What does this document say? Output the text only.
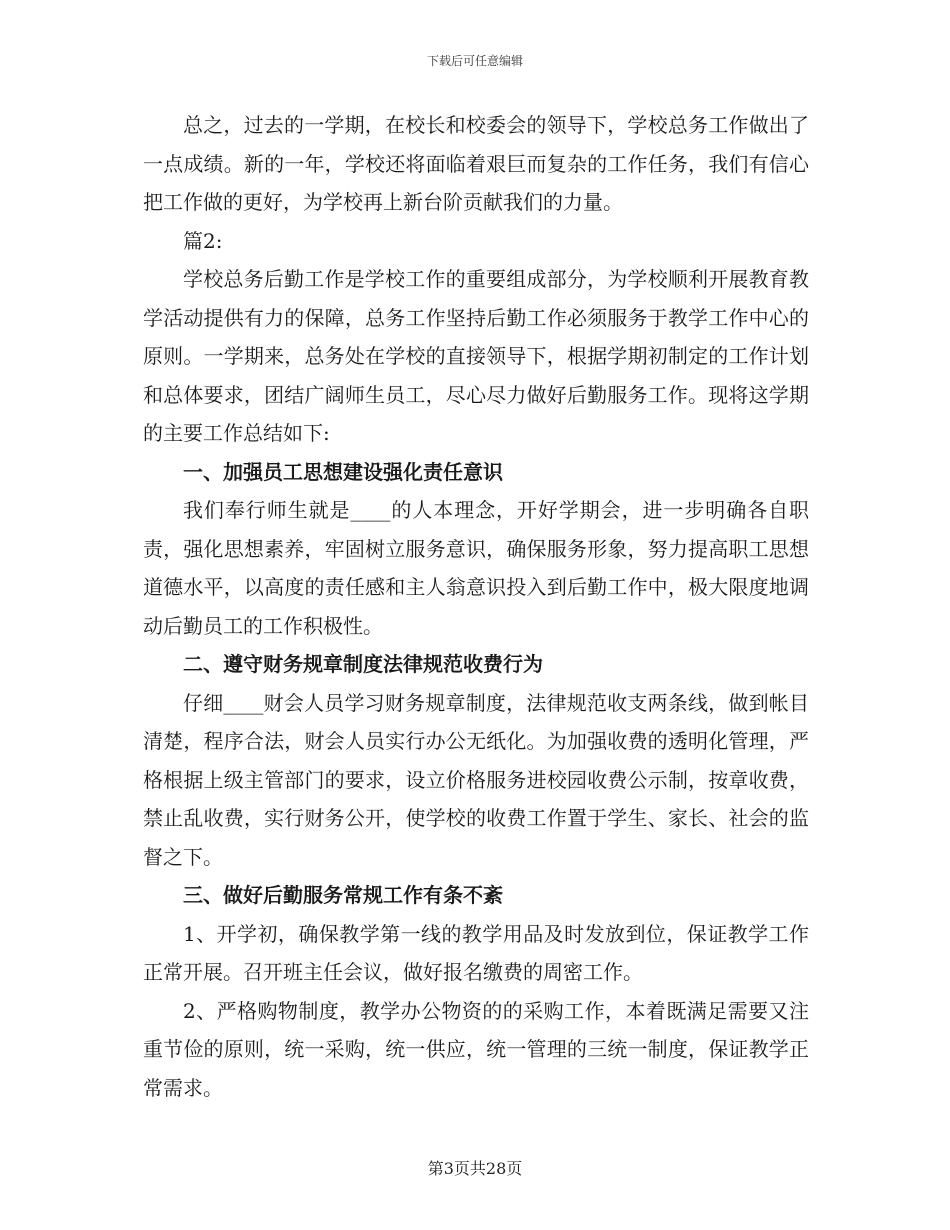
下载后可任意编辑

总之，过去的一学期，在校长和校委会的领导下，学校总务工作做出了一点成绩。新的一年，学校还将面临着艰巨而复杂的工作任务，我们有信心把工作做的更好，为学校再上新台阶贡献我们的力量。

篇2:

学校总务后勤工作是学校工作的重要组成部分，为学校顺利开展教育教学活动提供有力的保障，总务工作坚持后勤工作必须服务于教学工作中心的原则。一学期来，总务处在学校的直接领导下，根据学期初制定的工作计划和总体要求，团结广阔师生员工，尽心尽力做好后勤服务工作。现将这学期的主要工作总结如下:

一、加强员工思想建设强化责任意识

我们奉行师生就是____的人本理念，开好学期会，进一步明确各自职责，强化思想素养，牢固树立服务意识，确保服务形象，努力提高职工思想道德水平，以高度的责任感和主人翁意识投入到后勤工作中，极大限度地调动后勤员工的工作积极性。

二、遵守财务规章制度法律规范收费行为

仔细____财会人员学习财务规章制度，法律规范收支两条线，做到帐目清楚，程序合法，财会人员实行办公无纸化。为加强收费的透明化管理，严格根据上级主管部门的要求，设立价格服务进校园收费公示制，按章收费，禁止乱收费，实行财务公开，使学校的收费工作置于学生、家长、社会的监督之下。

三、做好后勤服务常规工作有条不紊

1、开学初，确保教学第一线的教学用品及时发放到位，保证教学工作正常开展。召开班主任会议，做好报名缴费的周密工作。

2、严格购物制度，教学办公物资的的采购工作，本着既满足需要又注重节俭的原则，统一采购，统一供应，统一管理的三统一制度，保证教学正常需求。

第3页共28页
